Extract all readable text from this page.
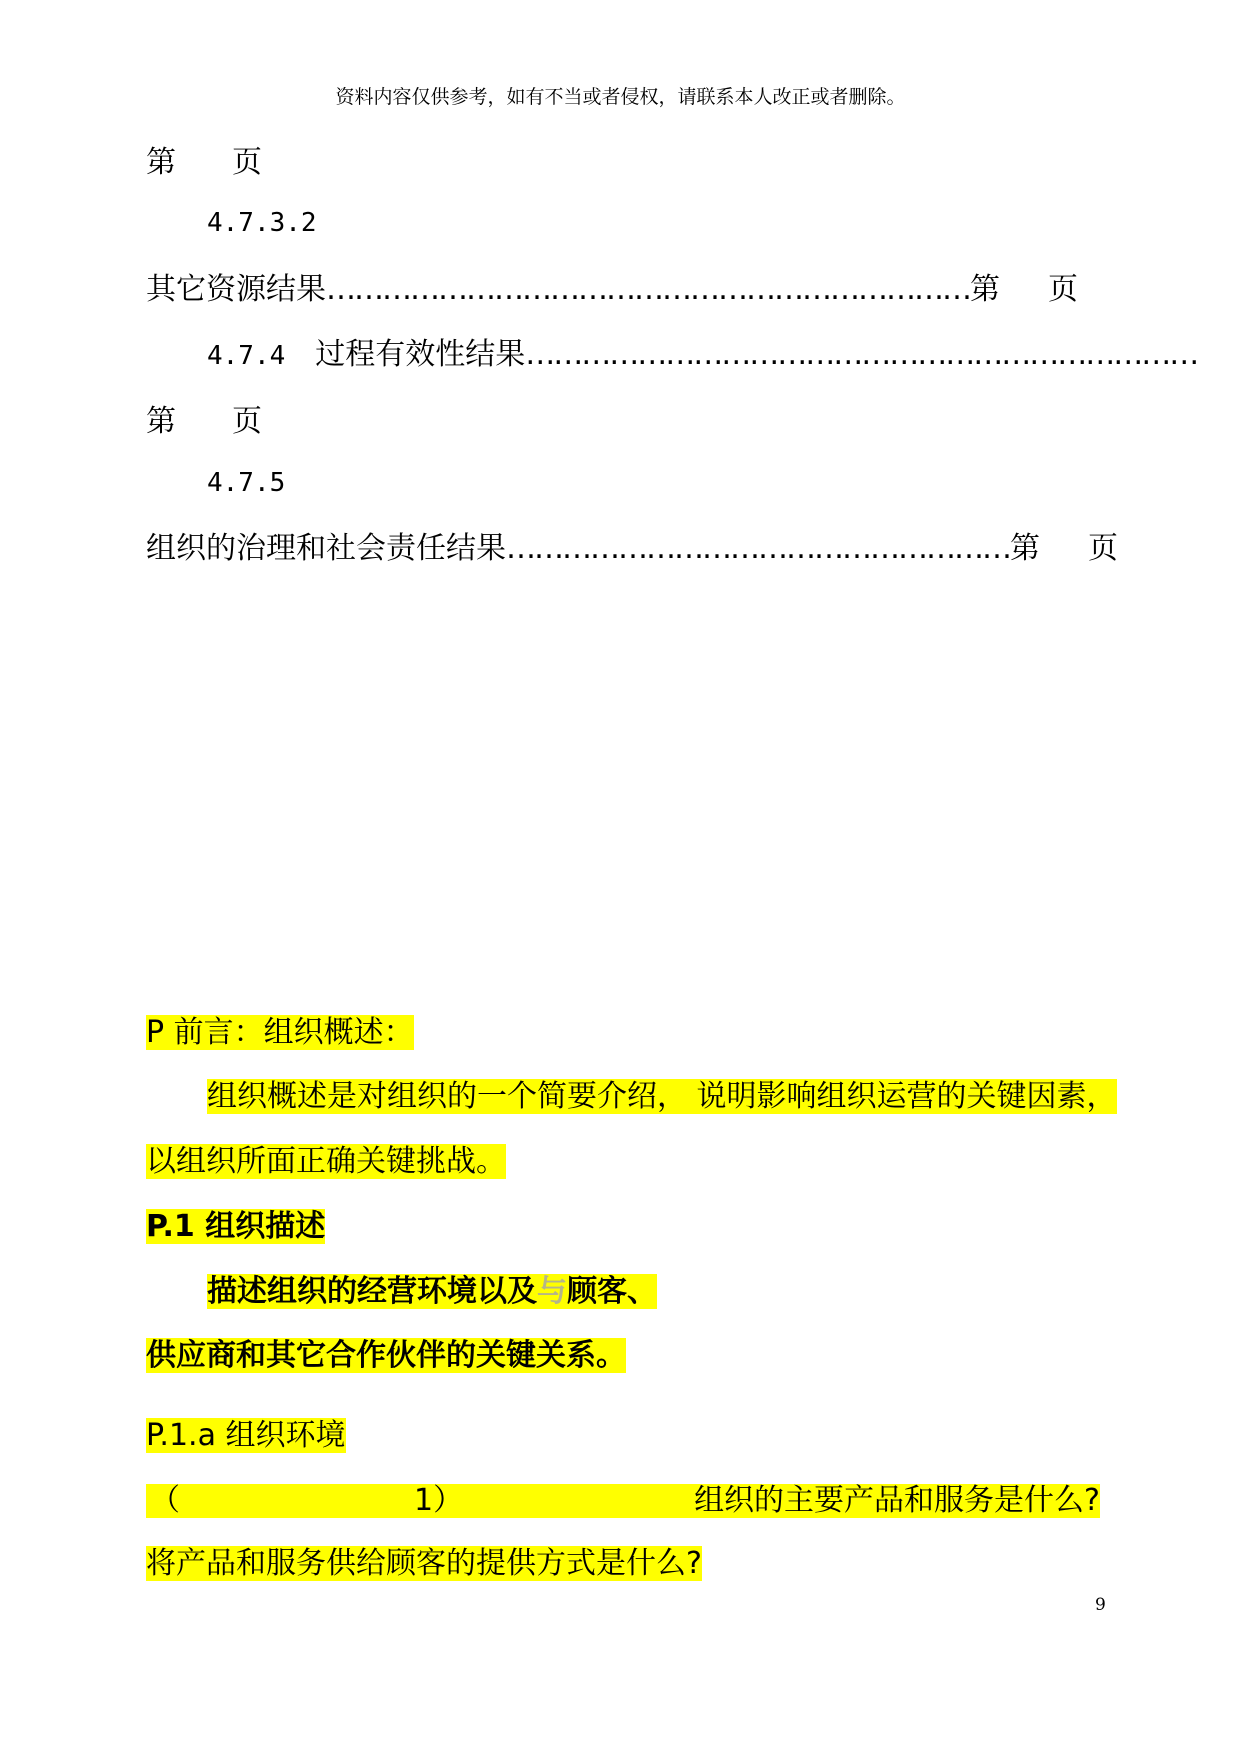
资料内容仅供参考，如有不当或者侵权，请联系本人改正或者删除。
第 页
4.7.3.2
其它资源结果……………………………………………………………第 页
4.7.4 过程有效性结果………………………………………………………………
第 页
4.7.5
组织的治理和社会责任结果………………………………………………第 页
P 前言：组织概述：
组织概述是对组织的一个简要介绍， 说明影响组织运营的关键因素，
以组织所面正确关键挑战。
P.1 组织描述
描述组织的经营环境以及与顾客、
供应商和其它合作伙伴的关键关系。
P.1.a 组织环境
（	1）	组织的主要产品和服务是什么?
将产品和服务供给顾客的提供方式是什么?
9
